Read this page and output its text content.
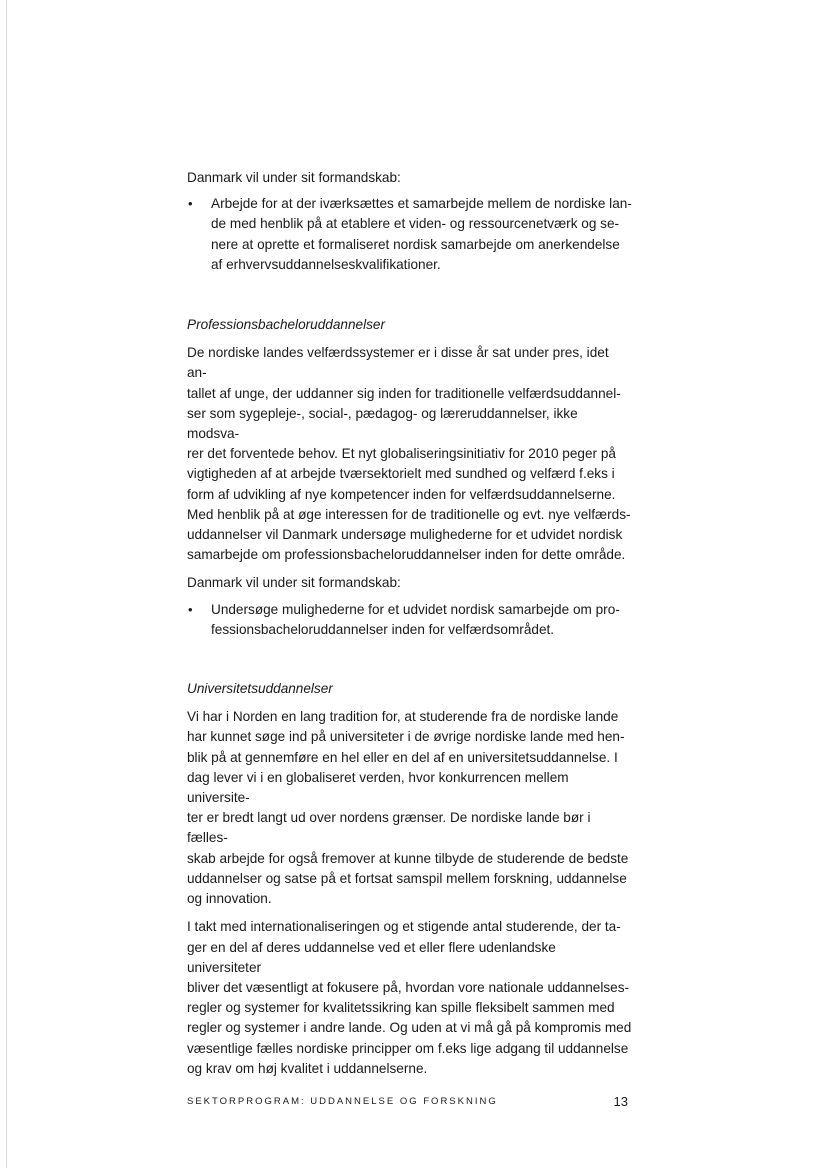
Danmark vil under sit formandskab:

• Arbejde for at der iværksættes et samarbejde mellem de nordiske lan-
de med henblik på at etablere et viden- og ressourcenetværk og se-
nere at oprette et formaliseret nordisk samarbejde om anerkendelse
af erhvervsuddannelseskvalifikationer.

Professionsbacheloruddannelser

De nordiske landes velfærdssystemer er i disse år sat under pres, idet an-
tallet af unge, der uddanner sig inden for traditionelle velfærdsuddannel-
ser som sygepleje-, social-, pædagog- og læreruddannelser, ikke modsva-
rer det forventede behov. Et nyt globaliseringsinitiativ for 2010 peger på
vigtigheden af at arbejde tværsektorielt med sundhed og velfærd f.eks i
form af udvikling af nye kompetencer inden for velfærdsuddannelserne.
Med henblik på at øge interessen for de traditionelle og evt. nye velfærds-
uddannelser vil Danmark undersøge mulighederne for et udvidet nordisk
samarbejde om professionsbacheloruddannelser inden for dette område.

Danmark vil under sit formandskab:

• Undersøge mulighederne for et udvidet nordisk samarbejde om pro-
fessionsbacheloruddannelser inden for velfærdsområdet.

Universitetsuddannelser

Vi har i Norden en lang tradition for, at studerende fra de nordiske lande
har kunnet søge ind på universiteter i de øvrige nordiske lande med hen-
blik på at gennemføre en hel eller en del af en universitetsuddannelse. I
dag lever vi i en globaliseret verden, hvor konkurrencen mellem universite-
ter er bredt langt ud over nordens grænser. De nordiske lande bør i fælles-
skab arbejde for også fremover at kunne tilbyde de studerende de bedste
uddannelser og satse på et fortsat samspil mellem forskning, uddannelse
og innovation.

I takt med internationaliseringen og et stigende antal studerende, der ta-
ger en del af deres uddannelse ved et eller flere udenlandske universiteter
bliver det væsentligt at fokusere på, hvordan vore nationale uddannelses-
regler og systemer for kvalitetssikring kan spille fleksibelt sammen med
regler og systemer i andre lande. Og uden at vi må gå på kompromis med
væsentlige fælles nordiske principper om f.eks lige adgang til uddannelse
og krav om høj kvalitet i uddannelserne.

SEKTORPROGRAM: UDDANNELSE OG FORSKNING	13
